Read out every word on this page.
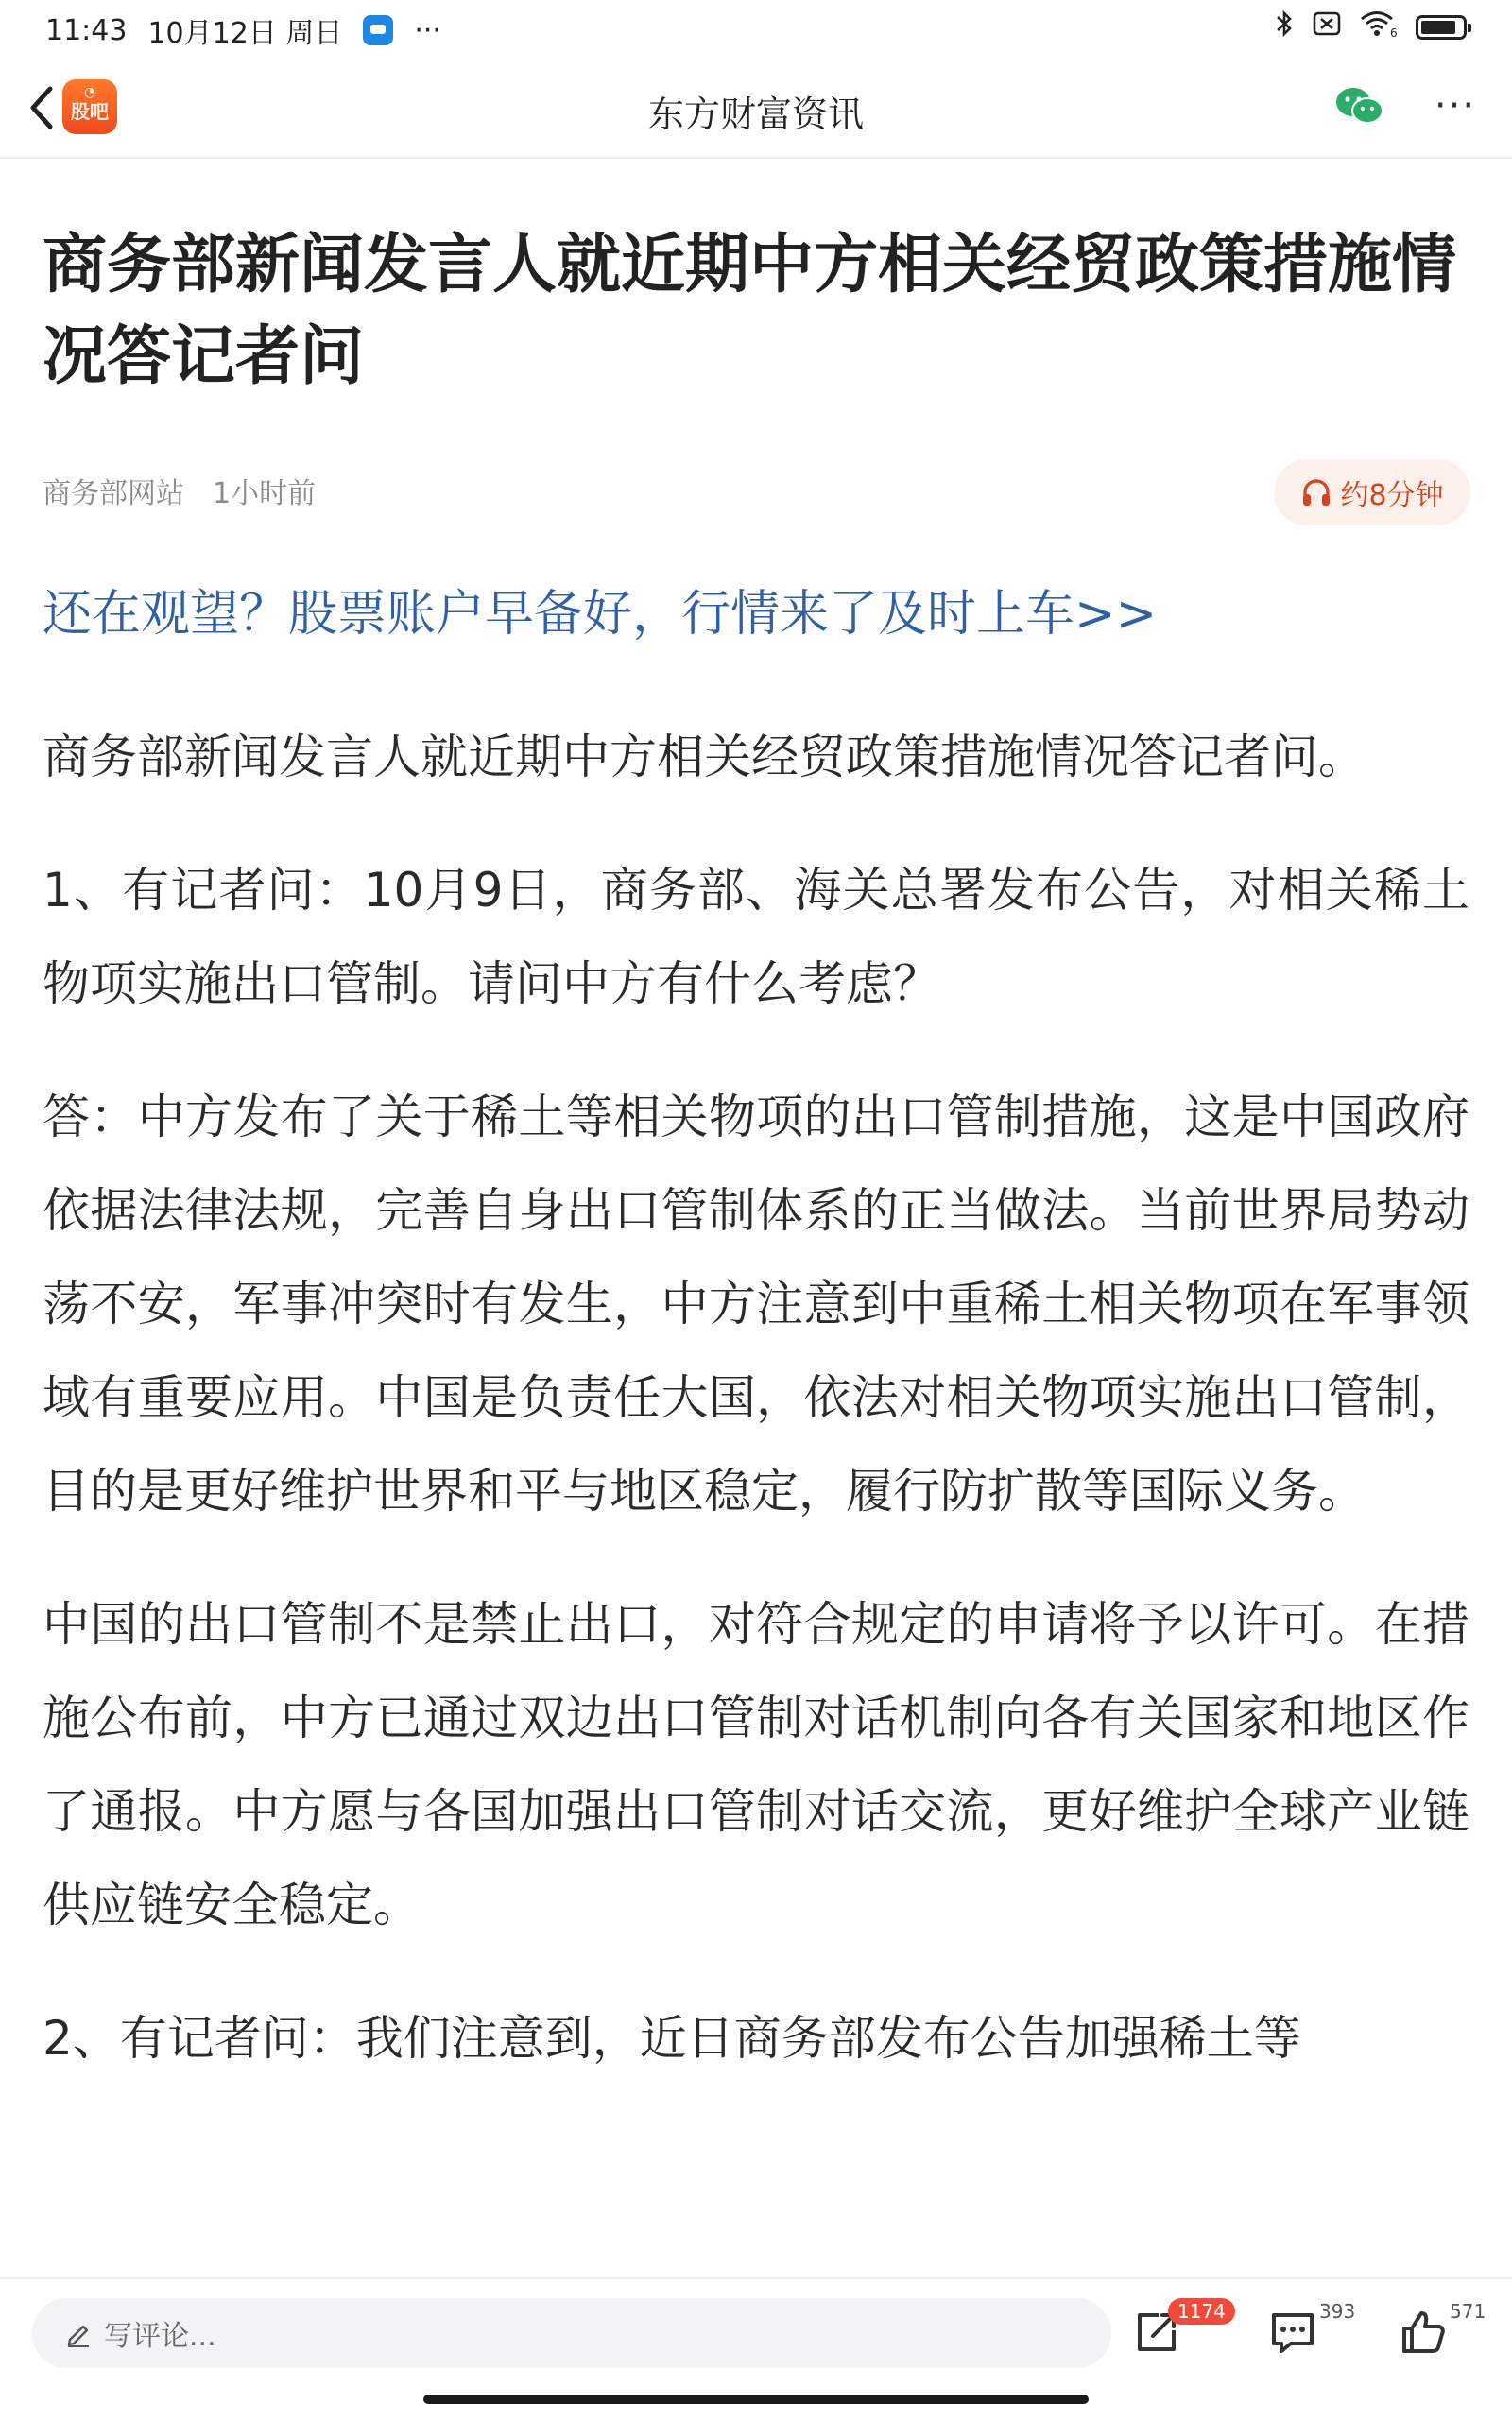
11:43 10月12日 周日	···	6
◔
股吧	东方财富资讯	···
商务部新闻发言人就近期中方相关经贸政策措施情况答记者问
商务部网站 1小时前	约8分钟
还在观望？股票账户早备好，行情来了及时上车>>

商务部新闻发言人就近期中方相关经贸政策措施情况答记者问。

1、有记者问：10月9日，商务部、海关总署发布公告，对相关稀土物项实施出口管制。请问中方有什么考虑？

答：中方发布了关于稀土等相关物项的出口管制措施，这是中国政府依据法律法规，完善自身出口管制体系的正当做法。当前世界局势动荡不安，军事冲突时有发生，中方注意到中重稀土相关物项在军事领域有重要应用。中国是负责任大国，依法对相关物项实施出口管制，目的是更好维护世界和平与地区稳定，履行防扩散等国际义务。

中国的出口管制不是禁止出口，对符合规定的申请将予以许可。在措施公布前，中方已通过双边出口管制对话机制向各有关国家和地区作了通报。中方愿与各国加强出口管制对话交流，更好维护全球产业链供应链安全稳定。

2、有记者问：我们注意到，近日商务部发布公告加强稀土等

写评论...
1174	393	571
